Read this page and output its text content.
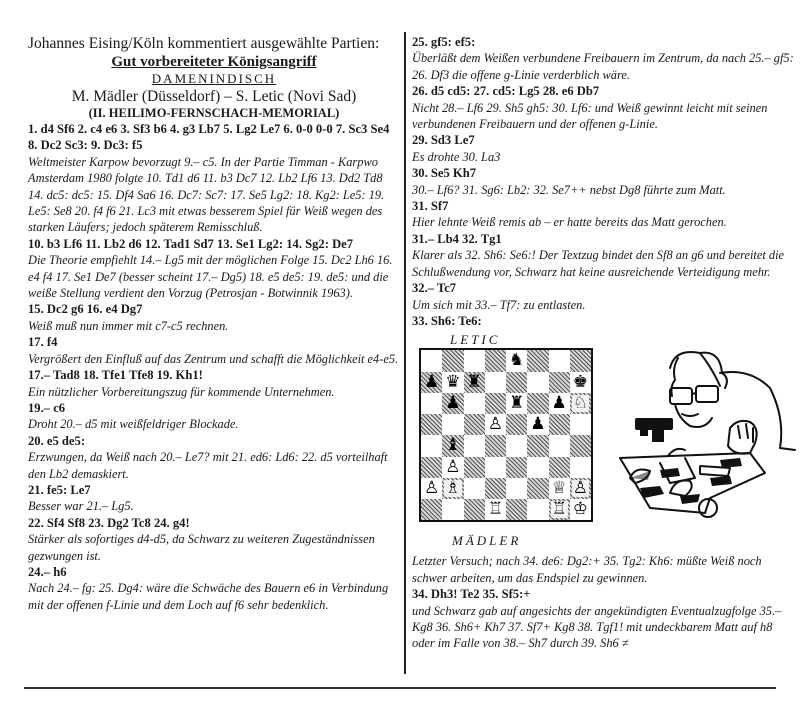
Johannes Eising/Köln kommentiert ausgewählte Partien:
Gut vorbereiteter Königsangriff
DAMENINDISCH
M. Mädler (Düsseldorf) – S. Letic (Novi Sad)
(II. HEILIMO-FERNSCHACH-MEMORIAL)
1. d4 Sf6 2. c4 e6 3. Sf3 b6 4. g3 Lb7 5. Lg2 Le7 6. 0-0 0-0 7. Sc3 Se4 8. Dc2 Sc3: 9. Dc3: f5
Weltmeister Karpow bevorzugt 9.– c5. In der Partie Timman - Karpwo Amsterdam 1980 folgte 10. Td1 d6 11. b3 Dc7 12. Lb2 Lf6 13. Dd2 Td8 14. dc5: dc5: 15. Df4 Sa6 16. Dc7: Sc7: 17. Se5 Lg2: 18. Kg2: Le5: 19. Le5: Se8 20. f4 f6 21. Lc3 mit etwas besserem Spiel für Weiß wegen des starken Läufers; jedoch späterem Remisschluß.
10. b3 Lf6 11. Lb2 d6 12. Tad1 Sd7 13. Se1 Lg2: 14. Sg2: De7
Die Theorie empfiehlt 14.– Lg5 mit der möglichen Folge 15. Dc2 Lh6 16. e4 f4 17. Se1 De7 (besser scheint 17.– Dg5) 18. e5 de5: 19. de5: und die weiße Stellung verdient den Vorzug (Petrosjan - Botwinnik 1963).
15. Dc2 g6 16. e4 Dg7
Weiß muß nun immer mit c7-c5 rechnen.
17. f4
Vergrößert den Einfluß auf das Zentrum und schafft die Möglichkeit e4-e5.
17.– Tad8 18. Tfe1 Tfe8 19. Kh1!
Ein nützlicher Vorbereitungszug für kommende Unternehmen.
19.– c6
Droht 20.– d5 mit weißfeldriger Blockade.
20. e5 de5:
Erzwungen, da Weiß nach 20.– Le7? mit 21. ed6: Ld6: 22. d5 vorteilhaft den Lb2 demaskiert.
21. fe5: Le7
Besser war 21.– Lg5.
22. Sf4 Sf8 23. Dg2 Tc8 24. g4!
Stärker als sofortiges d4-d5, da Schwarz zu weiteren Zugeständnissen gezwungen ist.
24.– h6
Nach 24.– fg: 25. Dg4: wäre die Schwäche des Bauern e6 in Verbindung mit der offenen f-Linie und dem Loch auf f6 sehr bedenklich.
25. gf5: ef5:
Überläßt dem Weißen verbundene Freibauern im Zentrum, da nach 25.– gf5: 26. Df3 die offene g-Linie verderblich wäre.
26. d5 cd5: 27. cd5: Lg5 28. e6 Db7
Nicht 28.– Lf6 29. Sh5 gh5: 30. Lf6: und Weiß gewinnt leicht mit seinen verbundenen Freibauern und der offenen g-Linie.
29. Sd3 Le7
Es drohte 30. La3
30. Se5 Kh7
30.– Lf6? 31. Sg6: Lb2: 32. Se7++ nebst Dg8 führte zum Matt.
31. Sf7
Hier lehnte Weiß remis ab – er hatte bereits das Matt gerochen.
31.– Lb4 32. Tg1
Klarer als 32. Sh6: Se6:! Der Textzug bindet den Sf8 an g6 und bereitet die Schlußwendung vor, Schwarz hat keine ausreichende Verteidigung mehr.
32.– Tc7
Um sich mit 33.– Tf7: zu entlasten.
33. Sh6: Te6:
LETIC
♞
♟ ♛ ♜	♚
♟	♜ ♟ ♘
♙ ♟
♝
♙
♙ ♗	♕ ♙
♖	♖ ♔
MÄDLER
Letzter Versuch; nach 34. de6: Dg2:+ 35. Tg2: Kh6: müßte Weiß noch schwer arbeiten, um das Endspiel zu gewinnen.
34. Dh3! Te2 35. Sf5:+
und Schwarz gab auf angesichts der angekündigten Eventualzugfolge 35.– Kg8 36. Sh6+ Kh7 37. Sf7+ Kg8 38. Tgf1! mit undeckbarem Matt auf h8 oder im Falle von 38.– Sh7 durch 39. Sh6 ≠
